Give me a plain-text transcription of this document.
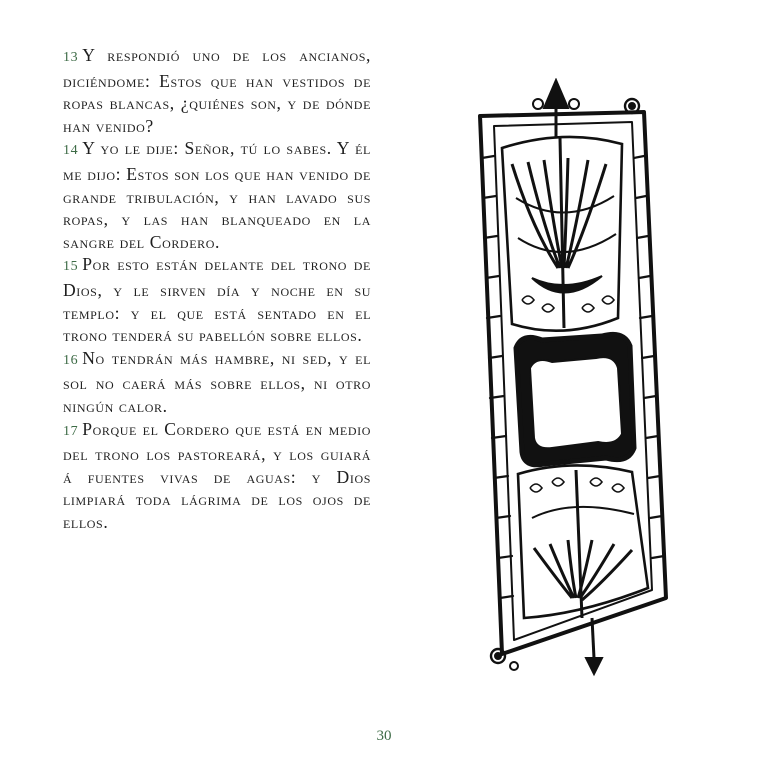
13 Y respondió uno de los ancianos, diciéndome: Estos que han vestidos de ropas blancas, ¿quiénes son, y de dónde han venido?

14 Y yo le dije: Señor, tú lo sabes. Y él me dijo: Estos son los que han venido de grande tribulación, y han lavado sus ropas, y las han blanqueado en la sangre del Cordero.

15 Por esto están delante del trono de Dios, y le sirven día y noche en su templo: y el que está sentado en el trono tenderá su pabellón sobre ellos.

16 No tendrán más hambre, ni sed, y el sol no caerá más sobre ellos, ni otro ningún calor.

17 Porque el Cordero que está en medio del trono los pastoreará, y los guiará á fuentes vivas de aguas: y Dios limpiará toda lágrima de los ojos de ellos.

30
